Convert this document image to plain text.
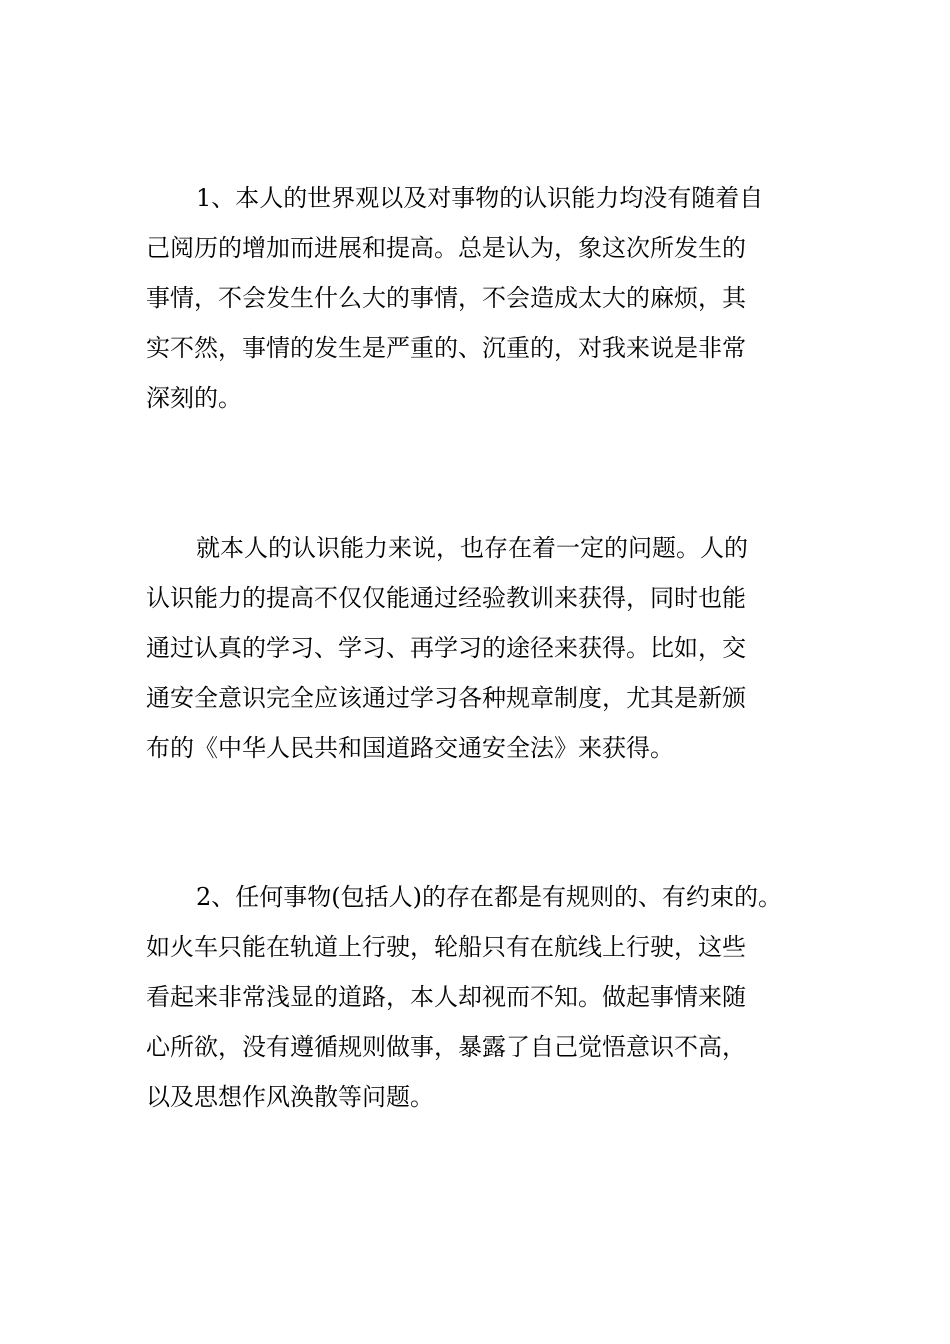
1、本人的世界观以及对事物的认识能力均没有随着自
己阅历的增加而进展和提高。总是认为，象这次所发生的
事情，不会发生什么大的事情，不会造成太大的麻烦，其
实不然，事情的发生是严重的、沉重的，对我来说是非常
深刻的。
就本人的认识能力来说，也存在着一定的问题。人的
认识能力的提高不仅仅能通过经验教训来获得，同时也能
通过认真的学习、学习、再学习的途径来获得。比如，交
通安全意识完全应该通过学习各种规章制度，尤其是新颁
布的《中华人民共和国道路交通安全法》来获得。
2、任何事物(包括人)的存在都是有规则的、有约束的。
如火车只能在轨道上行驶，轮船只有在航线上行驶，这些
看起来非常浅显的道路，本人却视而不知。做起事情来随
心所欲，没有遵循规则做事，暴露了自己觉悟意识不高，
以及思想作风涣散等问题。
